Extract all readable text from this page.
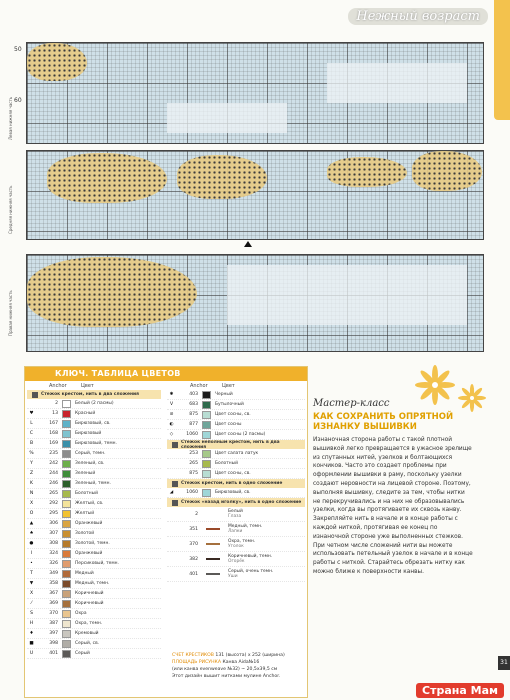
Нежный возраст
Левая нижняя часть
50
60
Средняя нижняя часть
Правая нижняя часть
КЛЮЧ. ТАБЛИЦА ЦВЕТОВ
Anchor	Цвет	Anchor	Цвет
Стежок крестом, нить в два сложения
2	Белый (2 пасмы)
♥	13	Красный
L	167	Бирюзовый, св.
C	168	Бирюзовый
B	169	Бирюзовый, темн.
%	235	Серый, темн.
Y	242	Зеленый, св.
Z	244	Зеленый
K	246	Зеленый, темн.
N	265	Болотный
X	292	Желтый, св.
O	295	Желтый
▲	306	Оранжевый
♠	307	Золотой
●	308	Золотой, темн.
I	324	Оранжевый
•	326	Персиковый, темн.
T	349	Медный
▼	358	Медный, темн.
X	367	Коричневый
⁄	369	Коричневый
S	370	Охра
H	387	Охра, темн.
♦	397	Кремовый
■	398	Серый, св.
U	401	Серый
✱	403	Черный
V	683	Бутылочный
⊘	875	Цвет сосны, св.
◐	877	Цвет сосны
◇	1060	Цвет сосны (2 пасмы)
Стежок неполным крестом, нить в два сложения
253	Цвет салата латук
265	Болотный
875	Цвет сосны, св.
Стежок крестом, нить в одно сложение
◢	1060	Бирюзовый, св.
Стежок «назад иголку», нить в одно сложение
2	Белый
Глаза
351	Медный, темн.
Лапки
370	Охра, темн.
Уголок
382	Коричневый, темн.
Огорёк
401	Серый, очень темн.
Уши
СЧЕТ КРЕСТИКОВ 131 (высота) х 252 (ширина)
ПЛОЩАДЬ РИСУНКА Канва Aida№16
(или канва evenweave №32) ~ 20,5х39,5 см
Этот дизайн вышит нитками мулине Anchor.
Мастер-класс
КАК СОХРАНИТЬ ОПРЯТНОЙ ИЗНАНКУ ВЫШИВКИ

Изнаночная сторона работы с такой плотной вышивкой легко превращается в ужасное зрелище из спутанных нитей, узелков и болтающихся кончиков. Часто это создает проблемы при оформлении вышивки в раму, поскольку узелки создают неровности на лицевой стороне. Поэтому, выполняя вышивку, следите за тем, чтобы нитки не перекручивались и на них не образовывались узелки, когда вы протягиваете их сквозь канву. Закрепляйте нить в начале и в конце работы с каждой ниткой, протягивая ее конец по изнаночной стороне уже выполненных стежков. При четном числе сложений нити вы можете использовать петельный узелок в начале и в конце работы с ниткой. Старайтесь обрезать нитку как можно ближе к поверхности канвы.

31
Страна Мам
